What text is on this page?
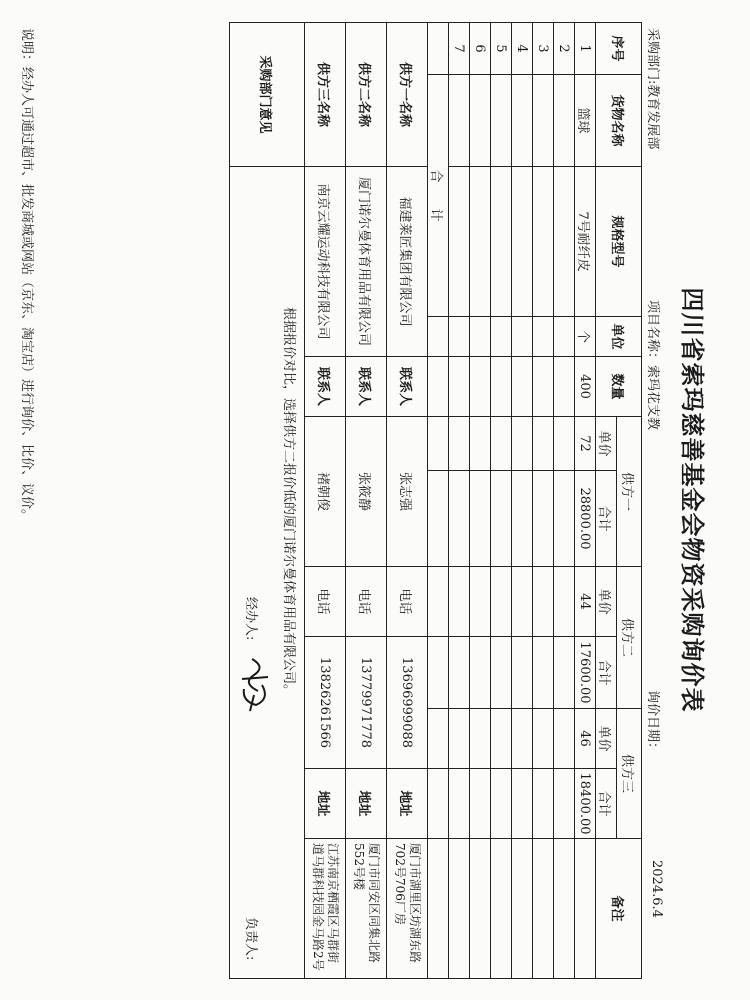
四川省索玛慈善基金会物资采购询价表
采购部门:教育发展部
项目名称：索玛花支教
询价日期：
2024.6.4
序号	货物名称	规格型号	单位	数量	供方一		供方二		供方三		备注
					单价	合计	单价	合计	单价	合计	
1	篮球	7号耐纤皮	个	400	72	28800.00	44	17600.00	46	18400.00	
2											
3											
4											
5											
6											
7											
	合　　计										
供方一名称		福建莱匠集团有限公司		联系人	张志强		电话	13696999088		地址	厦门市湖里区坊湖东路702号706厂房
供方二名称		厦门诺尔曼体育用品有限公司		联系人	张筱静		电话	13779971778		地址	厦门市同安区同集北路552号楼
供方三名称		南京云耀运动科技有限公司		联系人	褚朝俊		电话	13826261566		地址	江苏南京栖霞区马群街道马群科技园金马路2号
采购部门意见		根据报价对比，选择供方二报价低的厦门诺尔曼体育用品有限公司。
经办人:
负责人:									
说明：经办人可通过超市、批发商城或网站（京东、淘宝店）进行询价、比价、议价。
